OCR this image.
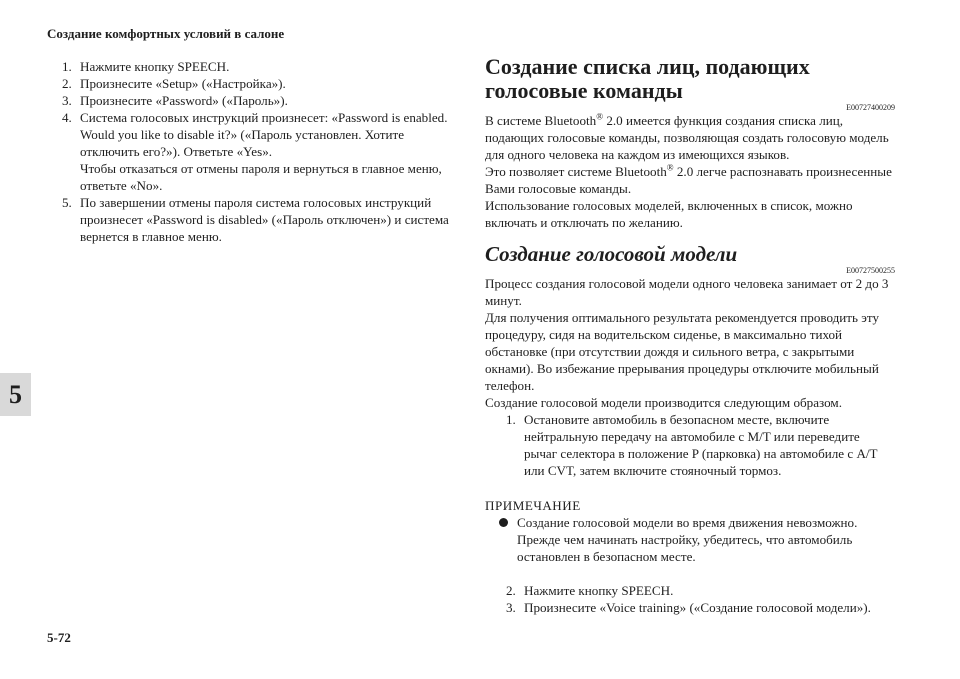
Создание комфортных условий в салоне
5
5-72
1. Нажмите кнопку SPEECH.
2. Произнесите «Setup» («Настройка»).
3. Произнесите «Password» («Пароль»).
4. Система голосовых инструкций произнесет: «Password is enabled. Would you like to disable it?» («Пароль установлен. Хотите отключить его?»). Ответьте «Yes».
Чтобы отказаться от отмены пароля и вернуться в главное меню, ответьте «No».
5. По завершении отмены пароля система голосовых инструкций произнесет «Password is disabled» («Пароль отключен») и система вернется в главное меню.
Создание списка лиц, подающих голосовые команды
E00727400209

В системе Bluetooth® 2.0 имеется функция создания списка лиц, подающих голосовые команды, позволяющая создать голосовую модель для одного человека на каждом из имеющихся языков.

Это позволяет системе Bluetooth® 2.0 легче распознавать произнесенные Вами голосовые команды.

Использование голосовых моделей, включенных в список, можно включать и отключать по желанию.

Создание голосовой модели
E00727500255

Процесс создания голосовой модели одного человека занимает от 2 до 3 минут.

Для получения оптимального результата рекомендуется проводить эту процедуру, сидя на водительском сиденье, в максимально тихой обстановке (при отсутствии дождя и сильного ветра, с закрытыми окнами). Во избежание прерывания процедуры отключите мобильный телефон.

Создание голосовой модели производится следующим образом.

1. Остановите автомобиль в безопасном месте, включите нейтральную передачу на автомобиле с M/T или переведите рычаг селектора в положение P (парковка) на автомобиле с A/T или CVT, затем включите стояночный тормоз.
ПРИМЕЧАНИЕ
Создание голосовой модели во время движения невозможно. Прежде чем начинать настройку, убедитесь, что автомобиль остановлен в безопасном месте.
2. Нажмите кнопку SPEECH.
3. Произнесите «Voice training» («Создание голосовой модели»).
